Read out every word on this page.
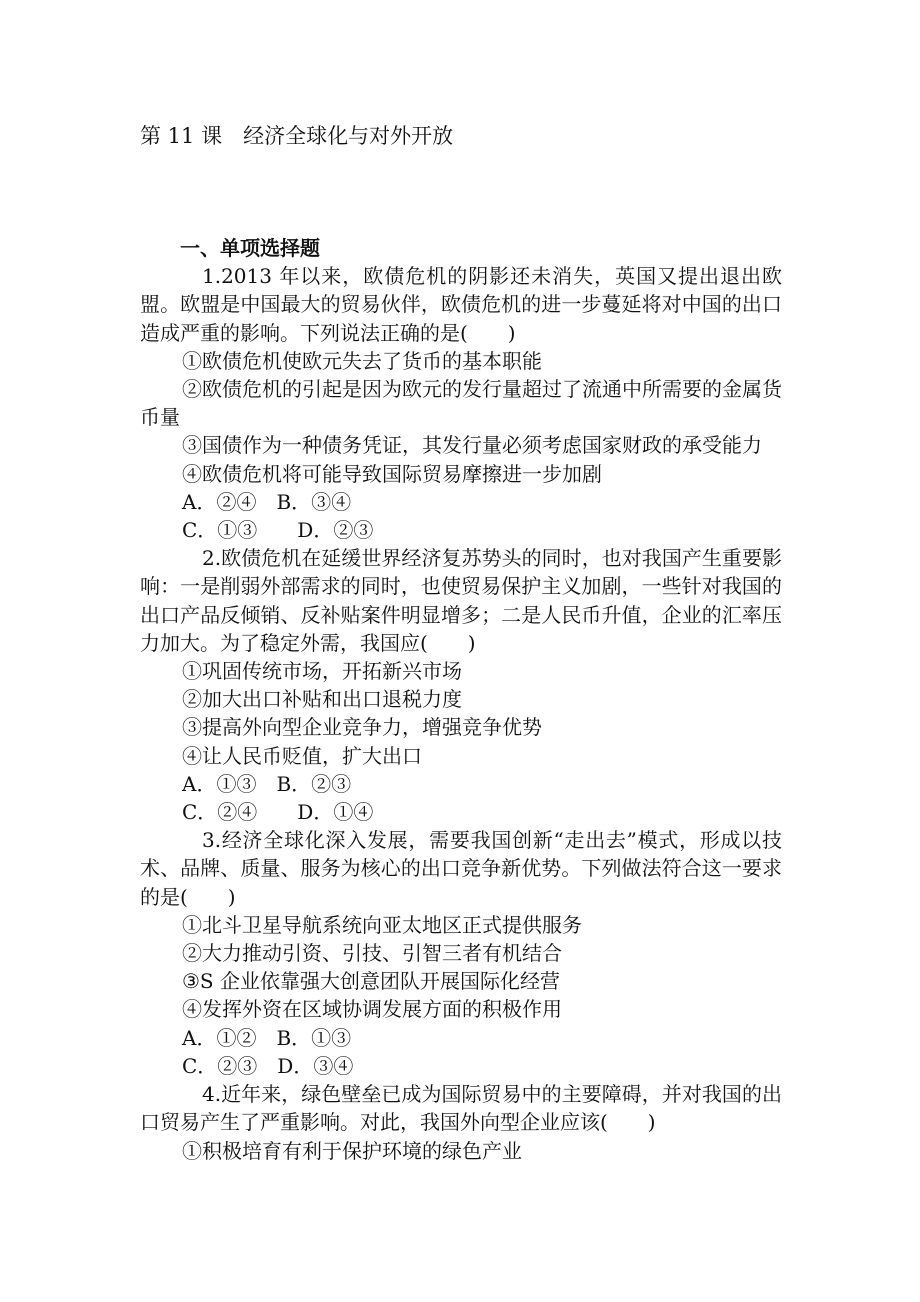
第 11 课　经济全球化与对外开放

一、单项选择题

1.2013 年以来，欧债危机的阴影还未消失，英国又提出退出欧盟。欧盟是中国最大的贸易伙伴，欧债危机的进一步蔓延将对中国的出口造成严重的影响。下列说法正确的是(　　)

①欧债危机使欧元失去了货币的基本职能

②欧债危机的引起是因为欧元的发行量超过了流通中所需要的金属货币量

③国债作为一种债务凭证，其发行量必须考虑国家财政的承受能力

④欧债危机将可能导致国际贸易摩擦进一步加剧

A．②④　B．③④

C．①③　　D．②③

2.欧债危机在延缓世界经济复苏势头的同时，也对我国产生重要影响：一是削弱外部需求的同时，也使贸易保护主义加剧，一些针对我国的出口产品反倾销、反补贴案件明显增多；二是人民币升值，企业的汇率压力加大。为了稳定外需，我国应(　　)

①巩固传统市场，开拓新兴市场

②加大出口补贴和出口退税力度

③提高外向型企业竞争力，增强竞争优势

④让人民币贬值，扩大出口

A．①③　B．②③

C．②④　　D．①④

3.经济全球化深入发展，需要我国创新“走出去”模式，形成以技术、品牌、质量、服务为核心的出口竞争新优势。下列做法符合这一要求的是(　　)

①北斗卫星导航系统向亚太地区正式提供服务

②大力推动引资、引技、引智三者有机结合

③S 企业依靠强大创意团队开展国际化经营

④发挥外资在区域协调发展方面的积极作用

A．①②　B．①③

C．②③　D．③④

4.近年来，绿色壁垒已成为国际贸易中的主要障碍，并对我国的出口贸易产生了严重影响。对此，我国外向型企业应该(　　)

①积极培育有利于保护环境的绿色产业
